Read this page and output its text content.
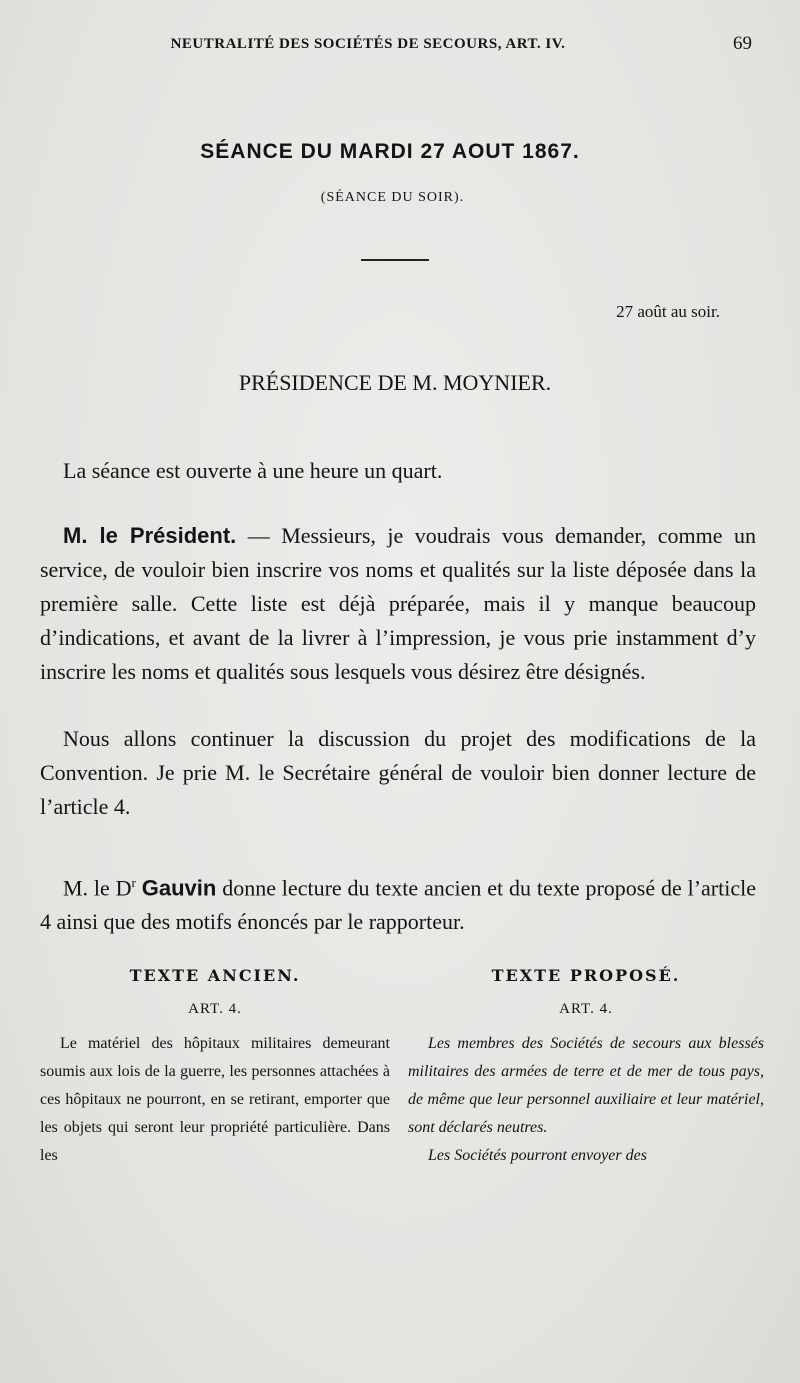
NEUTRALITÉ DES SOCIÉTÉS DE SECOURS, ART. IV.	69
SÉANCE DU MARDI 27 AOUT 1867.
(SÉANCE DU SOIR).
27 août au soir.
PRÉSIDENCE DE M. MOYNIER.
La séance est ouverte à une heure un quart.
M. le Président. — Messieurs, je voudrais vous demander, comme un service, de vouloir bien inscrire vos noms et qualités sur la liste déposée dans la première salle. Cette liste est déjà préparée, mais il y manque beaucoup d’indications, et avant de la livrer à l’impression, je vous prie instamment d’y inscrire les noms et qualités sous lesquels vous désirez être désignés.
Nous allons continuer la discussion du projet des modifications de la Convention. Je prie M. le Secrétaire général de vouloir bien donner lecture de l’article 4.
M. le $D^r$ Gauvin donne lecture du texte ancien et du texte proposé de l’article 4 ainsi que des motifs énoncés par le rapporteur.
TEXTE ANCIEN.
ART. 4.
Le matériel des hôpitaux militaires demeurant soumis aux lois de la guerre, les personnes attachées à ces hôpitaux ne pourront, en se retirant, emporter que les objets qui seront leur propriété particulière. Dans les
TEXTE PROPOSÉ.
ART. 4.

Les membres des Sociétés de secours aux blessés militaires des armées de terre et de mer de tous pays, de même que leur personnel auxiliaire et leur matériel, sont déclarés neutres.

Les Sociétés pourront envoyer des
